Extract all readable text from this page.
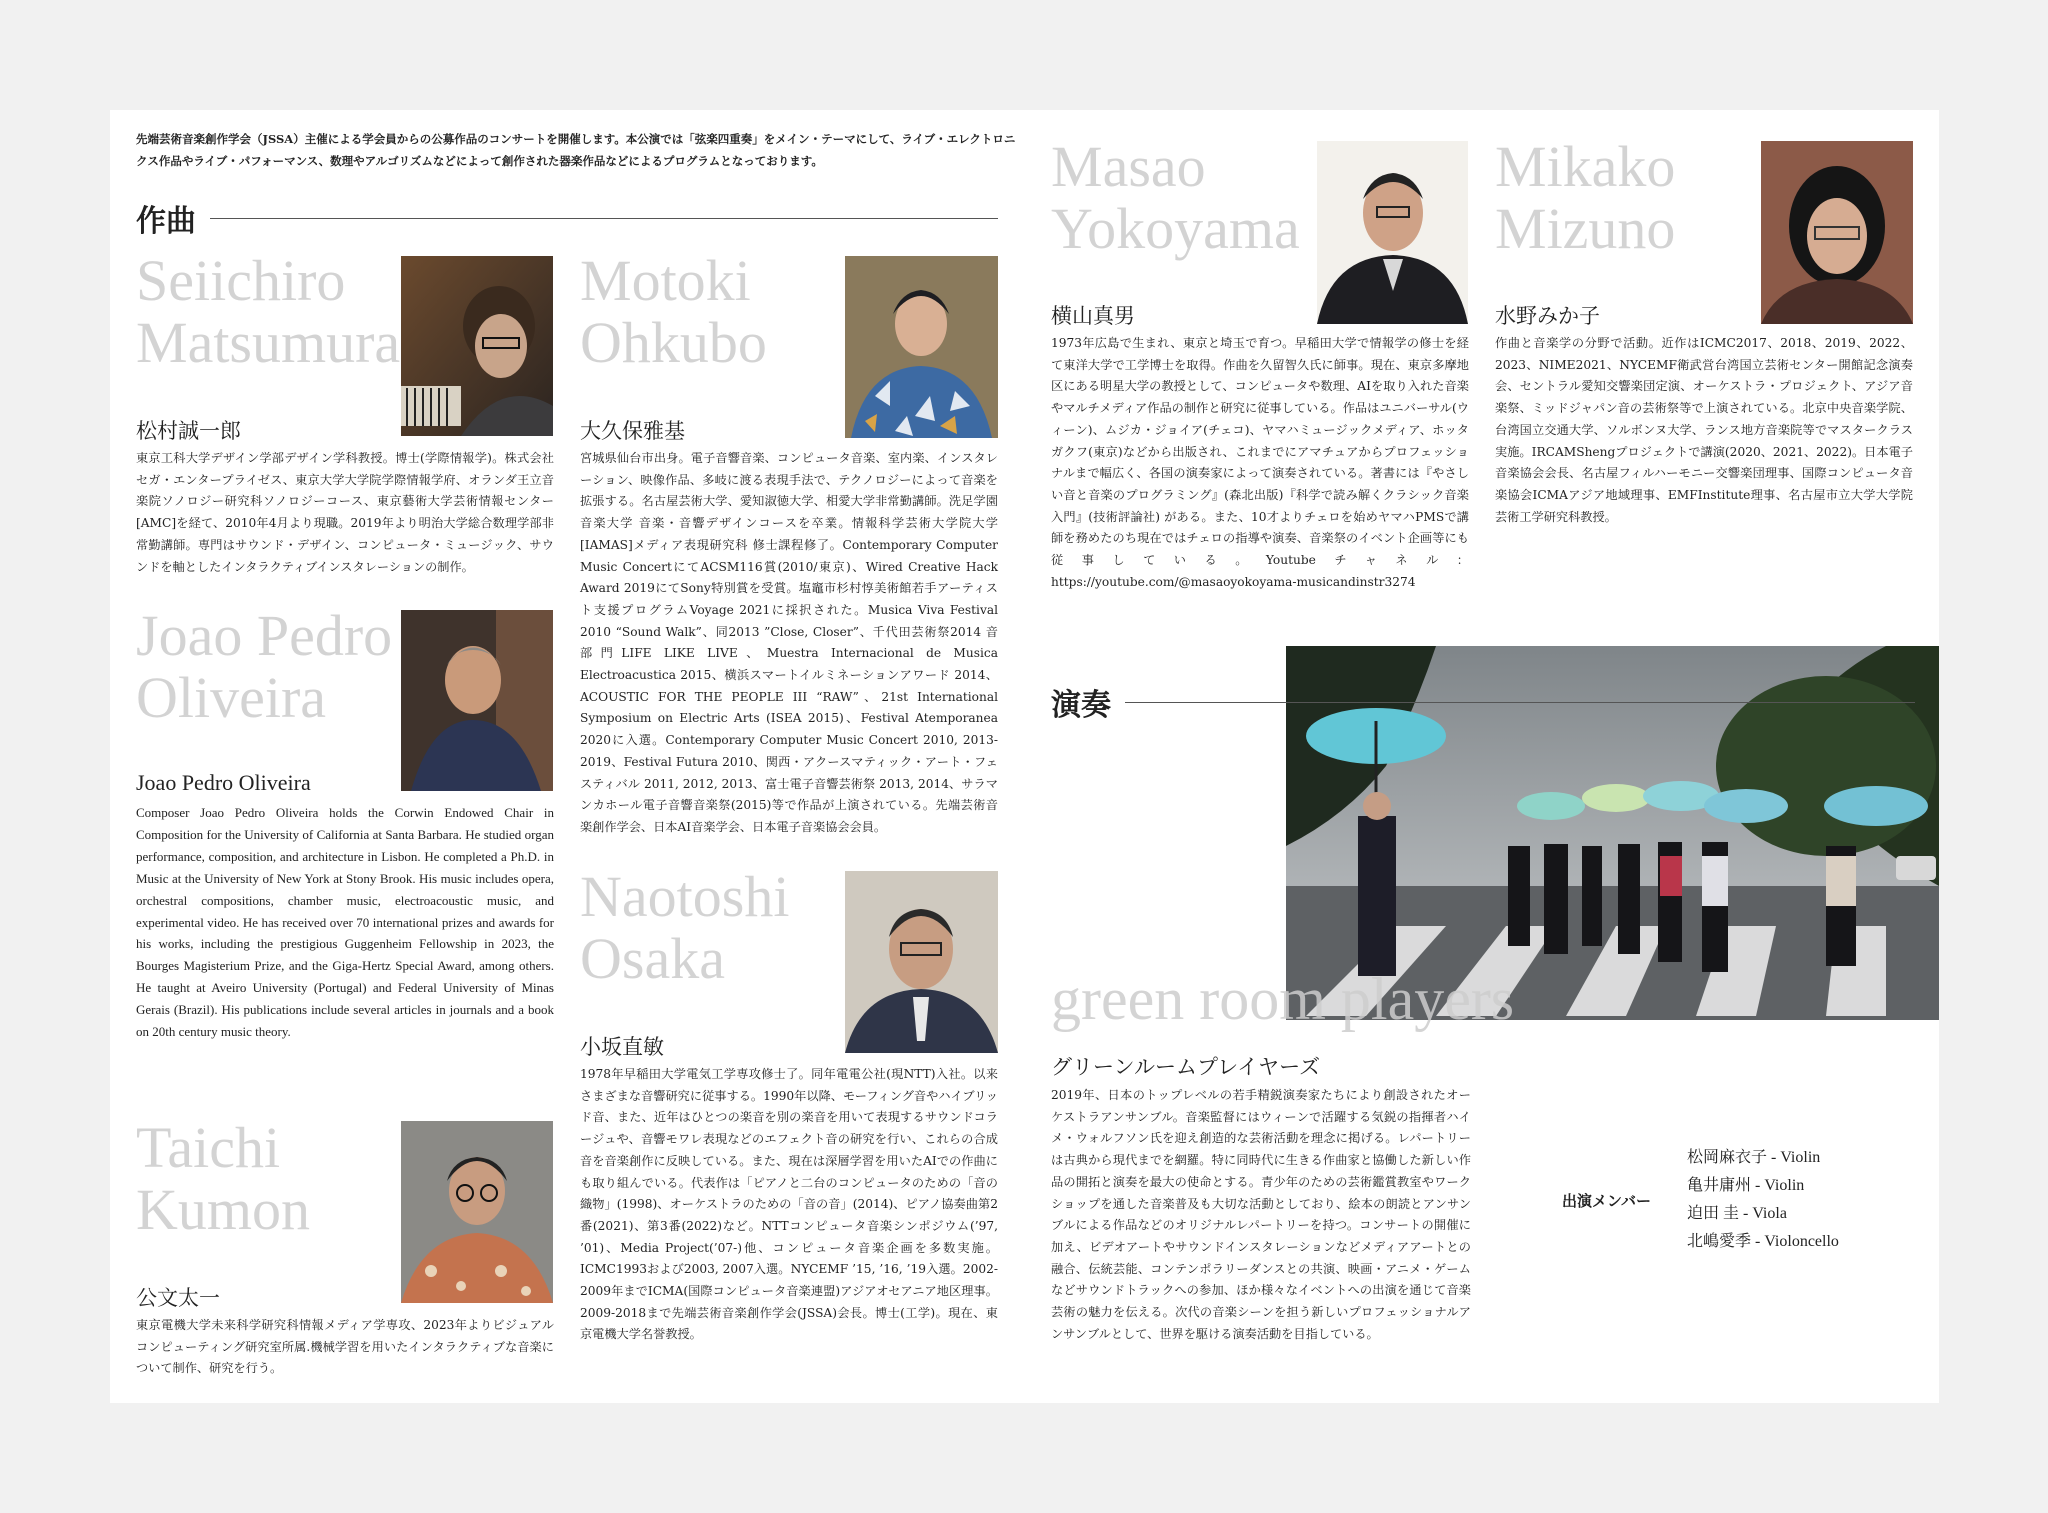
先端芸術音楽創作学会（JSSA）主催による学会員からの公募作品のコンサートを開催します。本公演では「弦楽四重奏」をメイン・テーマにして、ライブ・エレクトロニクス作品やライブ・パフォーマンス、数理やアルゴリズムなどによって創作された器楽作品などによるプログラムとなっております。
作曲
Seiichiro
Matsumura
松村誠一郎
東京工科大学デザイン学部デザイン学科教授。博士(学際情報学)。株式会社セガ・エンタープライゼス、東京大学大学院学際情報学府、オランダ王立音楽院ソノロジー研究科ソノロジーコース、東京藝術大学芸術情報センター [AMC]を経て、2010年4月より現職。2019年より明治大学総合数理学部非常勤講師。専門はサウンド・デザイン、コンピュータ・ミュージック、サウンドを軸としたインタラクティブインスタレーションの制作。
Joao Pedro
Oliveira
Joao Pedro Oliveira
Composer Joao Pedro Oliveira holds the Corwin Endowed Chair in Composition for the University of California at Santa Barbara. He studied organ performance, composition, and architecture in Lisbon. He completed a Ph.D. in Music at the University of New York at Stony Brook. His music includes opera, orchestral compositions, chamber music, electroacoustic music, and experimental video. He has received over 70 international prizes and awards for his works, including the prestigious Guggenheim Fellowship in 2023, the Bourges Magisterium Prize, and the Giga-Hertz Special Award, among others. He taught at Aveiro University (Portugal) and Federal University of Minas Gerais (Brazil). His publications include several articles in journals and a book on 20th century music theory.
Taichi
Kumon
公文太一
東京電機大学未来科学研究科情報メディア学専攻、2023年よりビジュアルコンピューティング研究室所属.機械学習を用いたインタラクティブな音楽について制作、研究を行う。
Motoki
Ohkubo
大久保雅基
宮城県仙台市出身。電子音響音楽、コンピュータ音楽、室内楽、インスタレーション、映像作品、多岐に渡る表現手法で、テクノロジーによって音楽を拡張する。名古屋芸術大学、愛知淑徳大学、相愛大学非常勤講師。洗足学園音楽大学 音楽・音響デザインコースを卒業。情報科学芸術大学院大学[IAMAS]メディア表現研究科 修士課程修了。Contemporary Computer Music ConcertにてACSM116賞(2010/東京)、Wired Creative Hack Award 2019にてSony特別賞を受賞。塩竈市杉村惇美術館若手アーティスト支援プログラムVoyage 2021に採択された。Musica Viva Festival 2010 “Sound Walk”、同2013 ”Close, Closer”、千代田芸術祭2014 音部門LIFE LIKE LIVE、Muestra Internacional de Musica Electroacustica 2015、横浜スマートイルミネーションアワード 2014、ACOUSTIC FOR THE PEOPLE III “RAW”、21st International Symposium on Electric Arts (ISEA 2015)、Festival Atemporanea 2020に入選。Contemporary Computer Music Concert 2010, 2013-2019、Festival Futura 2010、関西・アクースマティック・アート・フェスティバル 2011, 2012, 2013、富士電子音響芸術祭 2013, 2014、サラマンカホール電子音響音楽祭(2015)等で作品が上演されている。先端芸術音楽創作学会、日本AI音楽学会、日本電子音楽協会会員。
Naotoshi
Osaka
小坂直敏
1978年早稲田大学電気工学専攻修士了。同年電電公社(現NTT)入社。以来さまざまな音響研究に従事する。1990年以降、モーフィング音やハイブリッド音、また、近年はひとつの楽音を別の楽音を用いて表現するサウンドコラージュや、音響モワレ表現などのエフェクト音の研究を行い、これらの合成音を音楽創作に反映している。また、現在は深層学習を用いたAIでの作曲にも取り組んでいる。代表作は「ピアノと二台のコンピュータのための「音の織物」(1998)、オーケストラのための「音の音」(2014)、ピアノ協奏曲第2番(2021)、第3番(2022)など。NTTコンピュータ音楽シンポジウム(’97, ’01)、Media Project(’07-)他、コンピュータ音楽企画を多数実施。ICMC1993および2003, 2007入選。NYCEMF ’15, ’16, ’19入選。2002-2009年までICMA(国際コンピュータ音楽連盟)アジアオセアニア地区理事。2009-2018まで先端芸術音楽創作学会(JSSA)会長。博士(工学)。現在、東京電機大学名誉教授。
Masao
Yokoyama
横山真男
1973年広島で生まれ、東京と埼玉で育つ。早稲田大学で情報学の修士を経て東洋大学で工学博士を取得。作曲を久留智久氏に師事。現在、東京多摩地区にある明星大学の教授として、コンピュータや数理、AIを取り入れた音楽やマルチメディア作品の制作と研究に従事している。作品はユニバーサル(ウィーン)、ムジカ・ジョイア(チェコ)、ヤマハミュージックメディア、ホッタガクフ(東京)などから出版され、これまでにアマチュアからプロフェッショナルまで幅広く、各国の演奏家によって演奏されている。著書には『やさしい音と音楽のプログラミング』(森北出版)『科学で読み解くクラシック音楽入門』(技術評論社) がある。また、10才よりチェロを始めヤマハPMSで講師を務めたのち現在ではチェロの指導や演奏、音楽祭のイベント企画等にも従事している。Youtubeチャネル：https://youtube.com/@masaoyokoyama-musicandinstr3274
Mikako
Mizuno
水野みか子
作曲と音楽学の分野で活動。近作はICMC2017、2018、2019、2022、2023、NIME2021、NYCEMF衛武営台湾国立芸術センター開館記念演奏会、セントラル愛知交響楽団定演、オーケストラ・プロジェクト、アジア音楽祭、ミッドジャパン音の芸術祭等で上演されている。北京中央音楽学院、台湾国立交通大学、ソルボンヌ大学、ランス地方音楽院等でマスタークラス実施。IRCAMShengプロジェクトで講演(2020、2021、2022)。日本電子音楽協会会長、名古屋フィルハーモニー交響楽団理事、国際コンピュータ音楽協会ICMAアジア地域理事、EMFInstitute理事、名古屋市立大学大学院芸術工学研究科教授。
演奏
green room players
グリーンルームプレイヤーズ
2019年、日本のトップレベルの若手精鋭演奏家たちにより創設されたオーケストラアンサンブル。音楽監督にはウィーンで活躍する気鋭の指揮者ハイメ・ウォルフソン氏を迎え創造的な芸術活動を理念に掲げる。レパートリーは古典から現代までを網羅。特に同時代に生きる作曲家と協働した新しい作品の開拓と演奏を最大の使命とする。青少年のための芸術鑑賞教室やワークショップを通した音楽普及も大切な活動としており、絵本の朗読とアンサンブルによる作品などのオリジナルレパートリーを持つ。コンサートの開催に加え、ビデオアートやサウンドインスタレーションなどメディアアートとの融合、伝統芸能、コンテンポラリーダンスとの共演、映画・アニメ・ゲームなどサウンドトラックへの参加、ほか様々なイベントへの出演を通じて音楽芸術の魅力を伝える。次代の音楽シーンを担う新しいプロフェッショナルアンサンブルとして、世界を駆ける演奏活動を目指している。
出演メンバー
松岡麻衣子 - Violin
亀井庸州 - Violin
迫田 圭 - Viola
北嶋愛季 - Violoncello
